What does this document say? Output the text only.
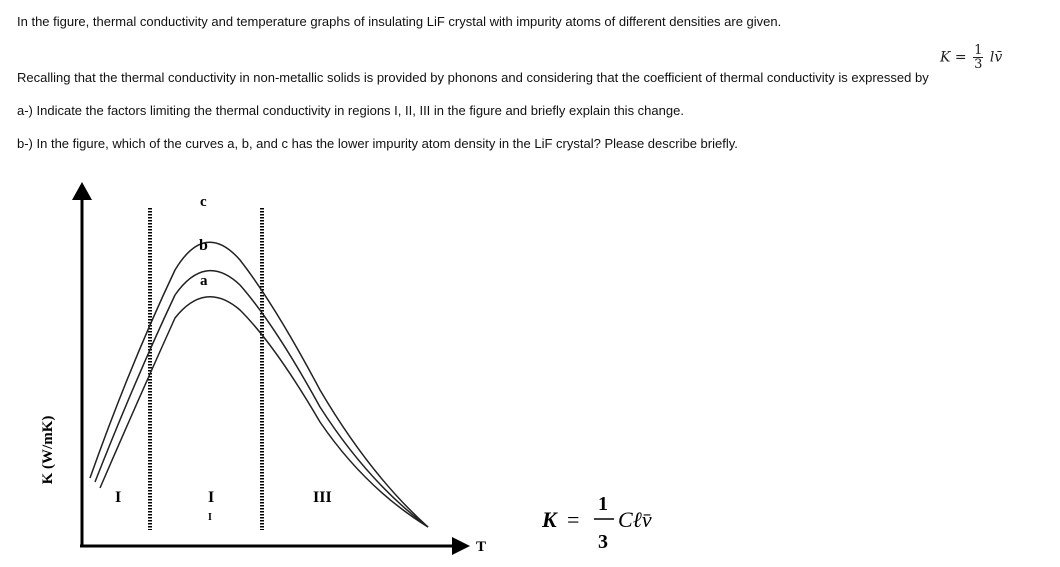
In the figure, thermal conductivity and temperature graphs of insulating LiF crystal with impurity atoms of different densities are given.
Recalling that the thermal conductivity in non-metallic solids is provided by phonons and considering that the coefficient of thermal conductivity is expressed by
a-) Indicate the factors limiting the thermal conductivity in regions I, II, III in the figure and briefly explain this change.
b-) In the figure, which of the curves a, b, and c has the lower impurity atom density in the LiF crystal? Please describe briefly.
$K = \frac{1}{3}$ lv̄
K (W/mK)
T
c
b
a
I	I
I
III
K =
1
3
Cℓv̄
